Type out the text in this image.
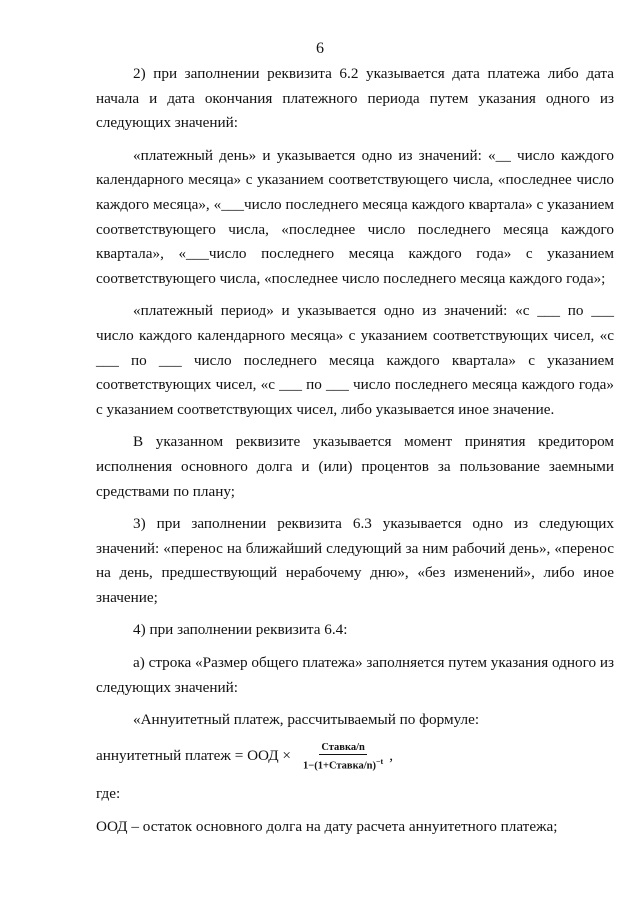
6

2) при заполнении реквизита 6.2 указывается дата платежа либо дата начала и дата окончания платежного периода путем указания одного из следующих значений:

«платежный день» и указывается одно из значений: «__ число каждого календарного месяца» с указанием соответствующего числа, «последнее число каждого месяца», «___число последнего месяца каждого квартала» с указанием соответствующего числа, «последнее число последнего месяца каждого квартала», «___число последнего месяца каждого года» с указанием соответствующего числа, «последнее число последнего месяца каждого года»;

«платежный период» и указывается одно из значений: «с ___ по ___ число каждого календарного месяца» с указанием соответствующих чисел, «с ___ по ___ число последнего месяца каждого квартала» с указанием соответствующих чисел, «с ___ по ___ число последнего месяца каждого года» с указанием соответствующих чисел, либо указывается иное значение.

В указанном реквизите указывается момент принятия кредитором исполнения основного долга и (или) процентов за пользование заемными средствами по плану;

3) при заполнении реквизита 6.3 указывается одно из следующих значений: «перенос на ближайший следующий за ним рабочий день», «перенос на день, предшествующий нерабочему дню», «без изменений», либо иное значение;

4) при заполнении реквизита 6.4:

а) строка «Размер общего платежа» заполняется путем указания одного из следующих значений:

«Аннуитетный платеж, рассчитываемый по формуле:

аннуитетный платеж = ООД × $\frac{\text{Ставка/n}}{1-(1+Ставка/n)^{-t}}$ ,

где:

ООД – остаток основного долга на дату расчета аннуитетного платежа;
